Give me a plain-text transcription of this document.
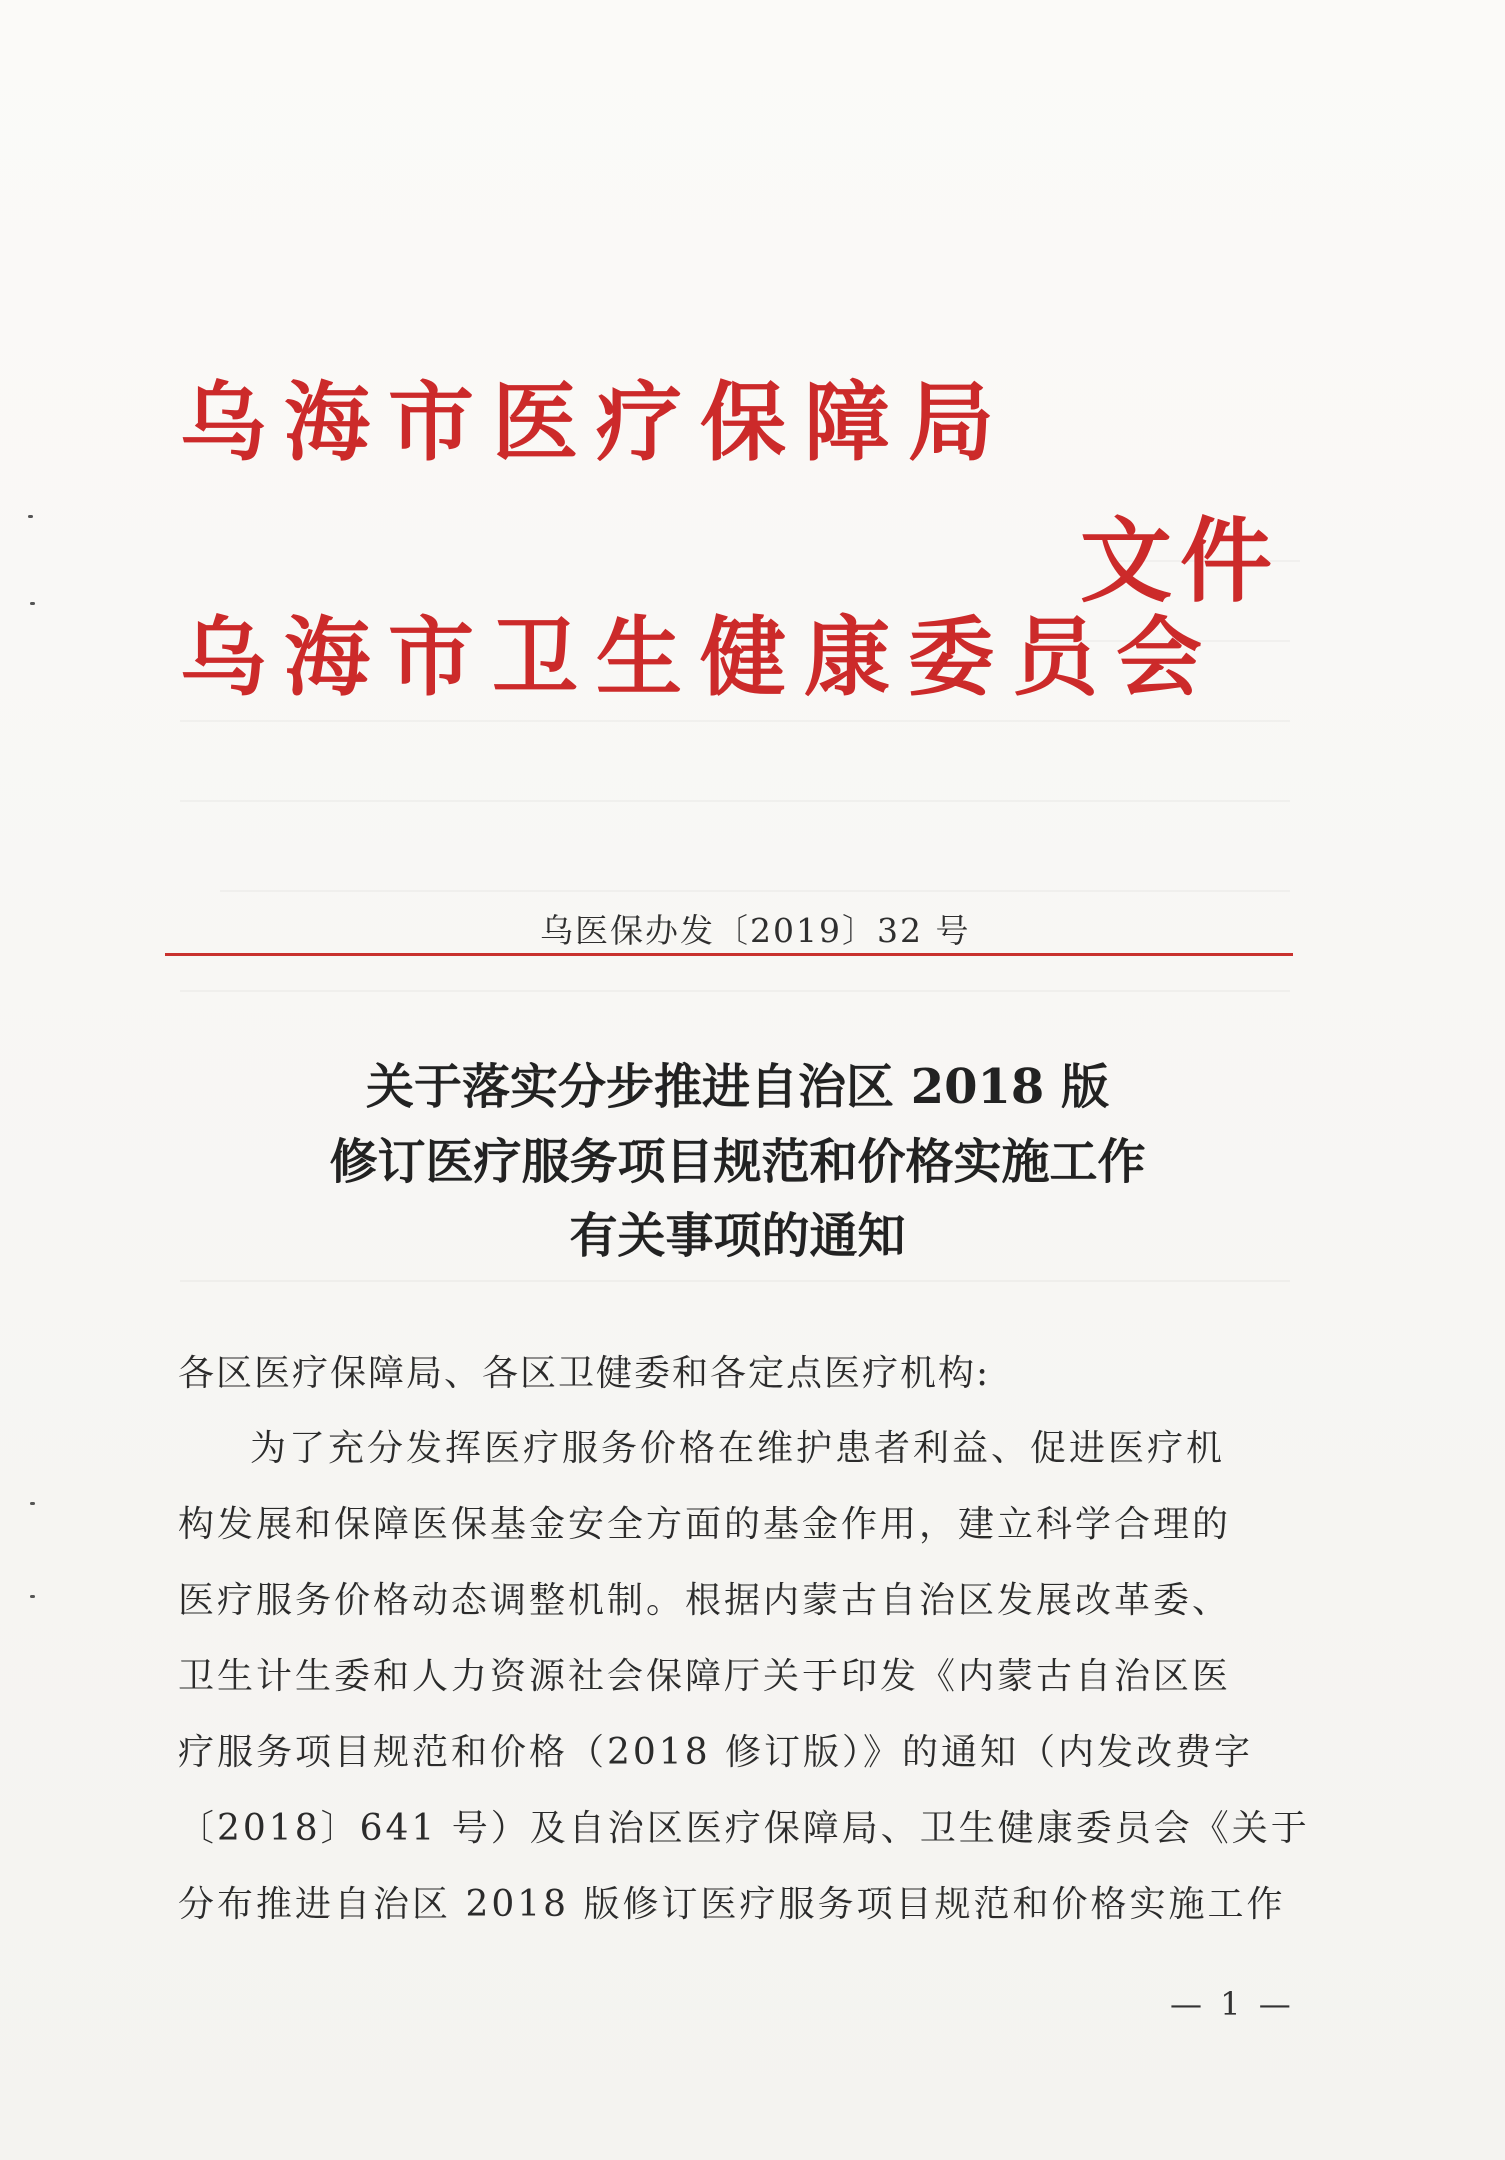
乌海市医疗保障局
文件
乌海市卫生健康委员会
乌医保办发〔2019〕32 号
关于落实分步推进自治区 2018 版
修订医疗服务项目规范和价格实施工作
有关事项的通知
各区医疗保障局、各区卫健委和各定点医疗机构:
为了充分发挥医疗服务价格在维护患者利益、促进医疗机
构发展和保障医保基金安全方面的基金作用，建立科学合理的
医疗服务价格动态调整机制。根据内蒙古自治区发展改革委、
卫生计生委和人力资源社会保障厅关于印发《内蒙古自治区医
疗服务项目规范和价格（2018 修订版）》的通知（内发改费字
〔2018〕641 号）及自治区医疗保障局、卫生健康委员会《关于
分布推进自治区 2018 版修订医疗服务项目规范和价格实施工作
— 1 —
